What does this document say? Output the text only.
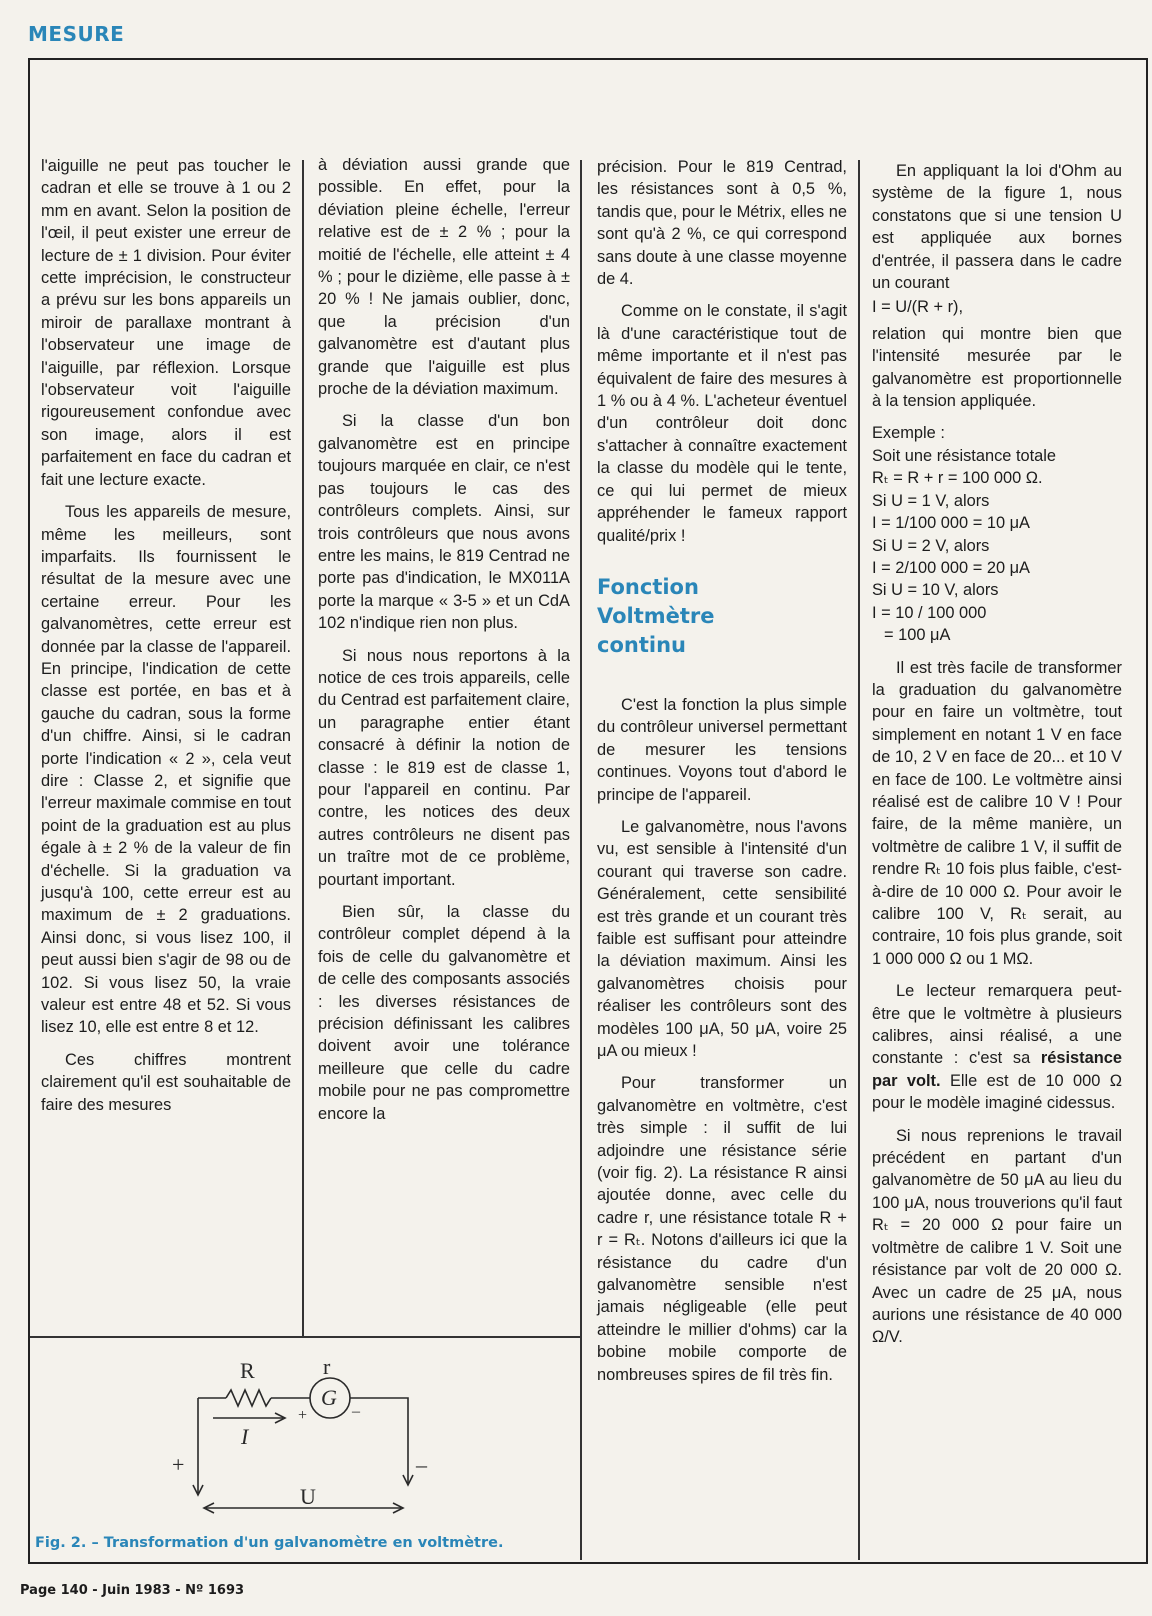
MESURE

l'aiguille ne peut pas toucher le cadran et elle se trouve à 1 ou 2 mm en avant. Selon la position de l'œil, il peut exister une erreur de lecture de ± 1 division. Pour éviter cette imprécision, le constructeur a prévu sur les bons appareils un miroir de parallaxe montrant à l'observateur une image de l'aiguille, par réflexion. Lorsque l'observateur voit l'aiguille rigoureusement confondue avec son image, alors il est parfaitement en face du cadran et fait une lecture exacte.

Tous les appareils de mesure, même les meilleurs, sont imparfaits. Ils fournissent le résultat de la mesure avec une certaine erreur. Pour les galvanomètres, cette erreur est donnée par la classe de l'appareil. En principe, l'indication de cette classe est portée, en bas et à gauche du cadran, sous la forme d'un chiffre. Ainsi, si le cadran porte l'indication « 2 », cela veut dire : Classe 2, et signifie que l'erreur maximale commise en tout point de la graduation est au plus égale à ± 2 % de la valeur de fin d'échelle. Si la graduation va jusqu'à 100, cette erreur est au maximum de ± 2 graduations. Ainsi donc, si vous lisez 100, il peut aussi bien s'agir de 98 ou de 102. Si vous lisez 50, la vraie valeur est entre 48 et 52. Si vous lisez 10, elle est entre 8 et 12.

Ces chiffres montrent clairement qu'il est souhaitable de faire des mesures

à déviation aussi grande que possible. En effet, pour la déviation pleine échelle, l'erreur relative est de ± 2 % ; pour la moitié de l'échelle, elle atteint ± 4 % ; pour le dizième, elle passe à ± 20 % ! Ne jamais oublier, donc, que la précision d'un galvanomètre est d'autant plus grande que l'aiguille est plus proche de la déviation maximum.

Si la classe d'un bon galvanomètre est en principe toujours marquée en clair, ce n'est pas toujours le cas des contrôleurs complets. Ainsi, sur trois contrôleurs que nous avons entre les mains, le 819 Centrad ne porte pas d'indication, le MX011A porte la marque « 3-5 » et un CdA 102 n'indique rien non plus.

Si nous nous reportons à la notice de ces trois appareils, celle du Centrad est parfaitement claire, un paragraphe entier étant consacré à définir la notion de classe : le 819 est de classe 1, pour l'appareil en continu. Par contre, les notices des deux autres contrôleurs ne disent pas un traître mot de ce problème, pourtant important.

Bien sûr, la classe du contrôleur complet dépend à la fois de celle du galvanomètre et de celle des composants associés : les diverses résistances de précision définissant les calibres doivent avoir une tolérance meilleure que celle du cadre mobile pour ne pas compromettre encore la

précision. Pour le 819 Centrad, les résistances sont à 0,5 %, tandis que, pour le Métrix, elles ne sont qu'à 2 %, ce qui correspond sans doute à une classe moyenne de 4.

Comme on le constate, il s'agit là d'une caractéristique tout de même importante et il n'est pas équivalent de faire des mesures à 1 % ou à 4 %. L'acheteur éventuel d'un contrôleur doit donc s'attacher à connaître exactement la classe du modèle qui le tente, ce qui lui permet de mieux appréhender le fameux rapport qualité/prix !

Fonction
Voltmètre
continu

C'est la fonction la plus simple du contrôleur universel permettant de mesurer les tensions continues. Voyons tout d'abord le principe de l'appareil.

Le galvanomètre, nous l'avons vu, est sensible à l'intensité d'un courant qui traverse son cadre. Généralement, cette sensibilité est très grande et un courant très faible est suffisant pour atteindre la déviation maximum. Ainsi les galvanomètres choisis pour réaliser les contrôleurs sont des modèles 100 μA, 50 μA, voire 25 μA ou mieux !

Pour transformer un galvanomètre en voltmètre, c'est très simple : il suffit de lui adjoindre une résistance série (voir fig. 2). La résistance R ainsi ajoutée donne, avec celle du cadre r, une résistance totale R + r = Rₜ. Notons d'ailleurs ici que la résistance du cadre d'un galvanomètre sensible n'est jamais négligeable (elle peut atteindre le millier d'ohms) car la bobine mobile comporte de nombreuses spires de fil très fin.

En appliquant la loi d'Ohm au système de la figure 1, nous constatons que si une tension U est appliquée aux bornes d'entrée, il passera dans le cadre un courant

I = U/(R + r),

relation qui montre bien que l'intensité mesurée par le galvanomètre est proportionnelle à la tension appliquée.

Exemple :
Soit une résistance totale
Rₜ = R + r = 100 000 Ω.
Si U = 1 V, alors
I = 1/100 000 = 10 μA
Si U = 2 V, alors
I = 2/100 000 = 20 μA
Si U = 10 V, alors
I = 10 / 100 000
= 100 μA

Il est très facile de transformer la graduation du galvanomètre pour en faire un voltmètre, tout simplement en notant 1 V en face de 10, 2 V en face de 20... et 10 V en face de 100. Le voltmètre ainsi réalisé est de calibre 10 V ! Pour faire, de la même manière, un voltmètre de calibre 1 V, il suffit de rendre Rₜ 10 fois plus faible, c'est-à-dire de 10 000 Ω. Pour avoir le calibre 100 V, Rₜ serait, au contraire, 10 fois plus grande, soit 1 000 000 Ω ou 1 MΩ.

Le lecteur remarquera peut-être que le voltmètre à plusieurs calibres, ainsi réalisé, a une constante : c'est sa résistance par volt. Elle est de 10 000 Ω pour le modèle imaginé cidessus.

Si nous reprenions le travail précédent en partant d'un galvanomètre de 50 μA au lieu du 100 μA, nous trouverions qu'il faut Rₜ = 20 000 Ω pour faire un voltmètre de calibre 1 V. Soit une résistance par volt de 20 000 Ω. Avec un cadre de 25 μA, nous aurions une résistance de 40 000 Ω/V.

R	r
G
I
U
+	–
+	–
Fig. 2. – Transformation d'un galvanomètre en voltmètre.
Page 140 - Juin 1983 - Nº 1693
